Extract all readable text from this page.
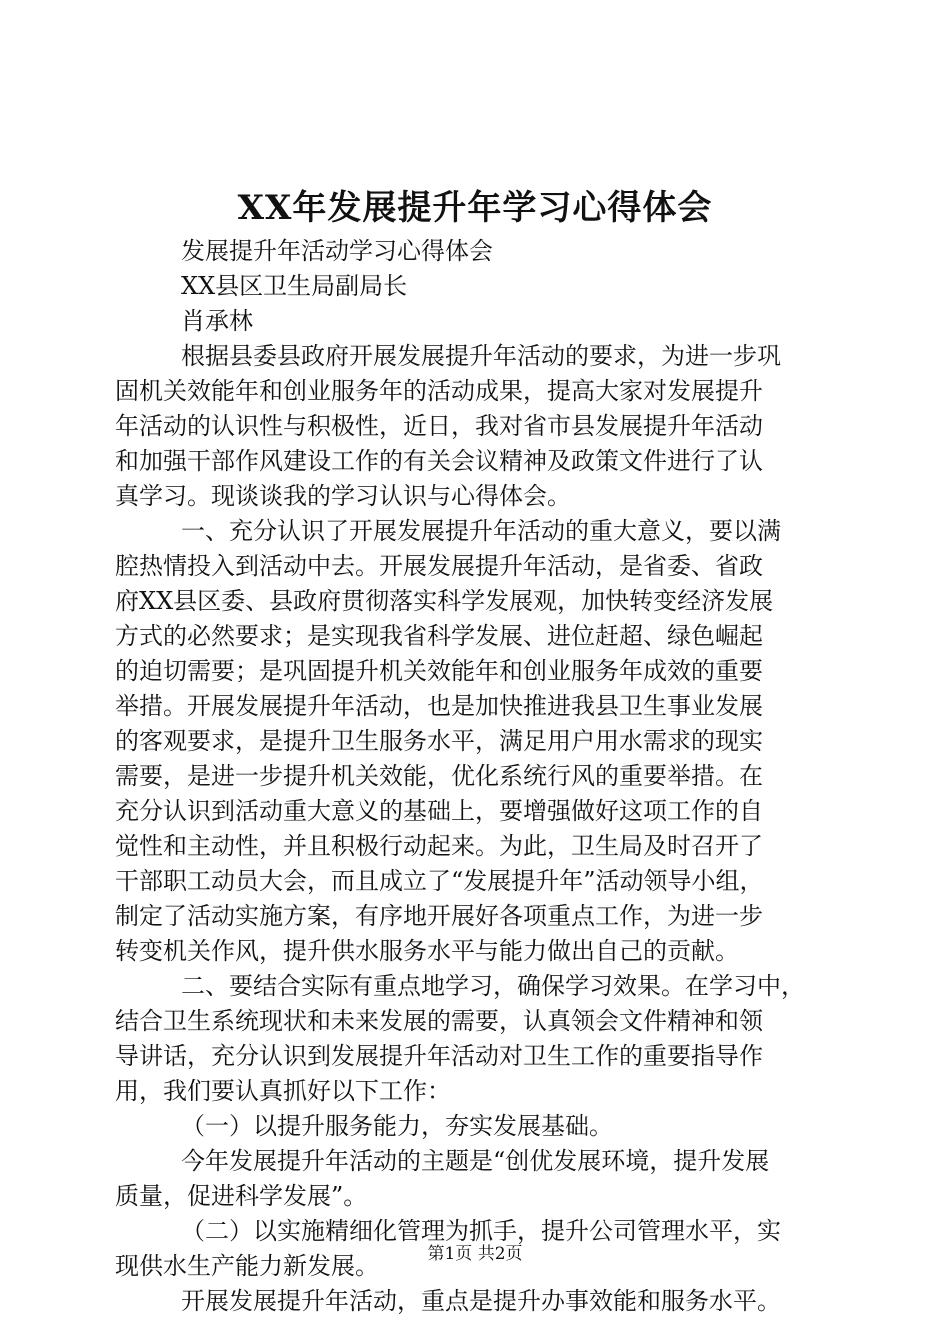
XX年发展提升年学习心得体会
发展提升年活动学习心得体会
XX县区卫生局副局长
肖承林
根据县委县政府开展发展提升年活动的要求，为进一步巩
固机关效能年和创业服务年的活动成果，提高大家对发展提升
年活动的认识性与积极性，近日，我对省市县发展提升年活动
和加强干部作风建设工作的有关会议精神及政策文件进行了认
真学习。现谈谈我的学习认识与心得体会。
一、充分认识了开展发展提升年活动的重大意义，要以满
腔热情投入到活动中去。开展发展提升年活动，是省委、省政
府XX县区委、县政府贯彻落实科学发展观，加快转变经济发展
方式的必然要求；是实现我省科学发展、进位赶超、绿色崛起
的迫切需要；是巩固提升机关效能年和创业服务年成效的重要
举措。开展发展提升年活动，也是加快推进我县卫生事业发展
的客观要求，是提升卫生服务水平，满足用户用水需求的现实
需要，是进一步提升机关效能，优化系统行风的重要举措。在
充分认识到活动重大意义的基础上，要增强做好这项工作的自
觉性和主动性，并且积极行动起来。为此，卫生局及时召开了
干部职工动员大会，而且成立了“发展提升年”活动领导小组，
制定了活动实施方案，有序地开展好各项重点工作，为进一步
转变机关作风，提升供水服务水平与能力做出自己的贡献。
二、要结合实际有重点地学习，确保学习效果。在学习中，
结合卫生系统现状和未来发展的需要，认真领会文件精神和领
导讲话，充分认识到发展提升年活动对卫生工作的重要指导作
用，我们要认真抓好以下工作：
（一）以提升服务能力，夯实发展基础。
今年发展提升年活动的主题是“创优发展环境，提升发展
质量，促进科学发展”。
（二）以实施精细化管理为抓手，提升公司管理水平，实
现供水生产能力新发展。
开展发展提升年活动，重点是提升办事效能和服务水平。
第1页 共2页
